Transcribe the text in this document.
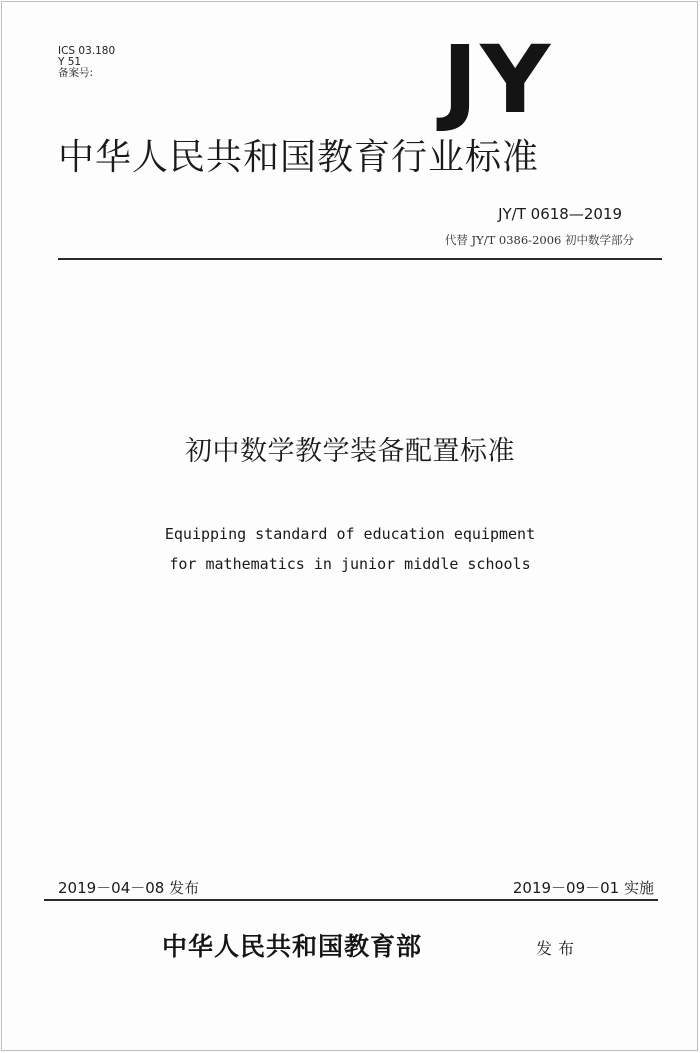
ICS 03.180
Y 51
备案号:	JY
中华人民共和国教育行业标准
JY/T 0618—2019
代替 JY/T 0386-2006 初中数学部分
初中数学教学装备配置标准
Equipping standard of education equipment
for mathematics in junior middle schools
2019－04－08 发布	2019－09－01 实施
中华人民共和国教育部	发布
